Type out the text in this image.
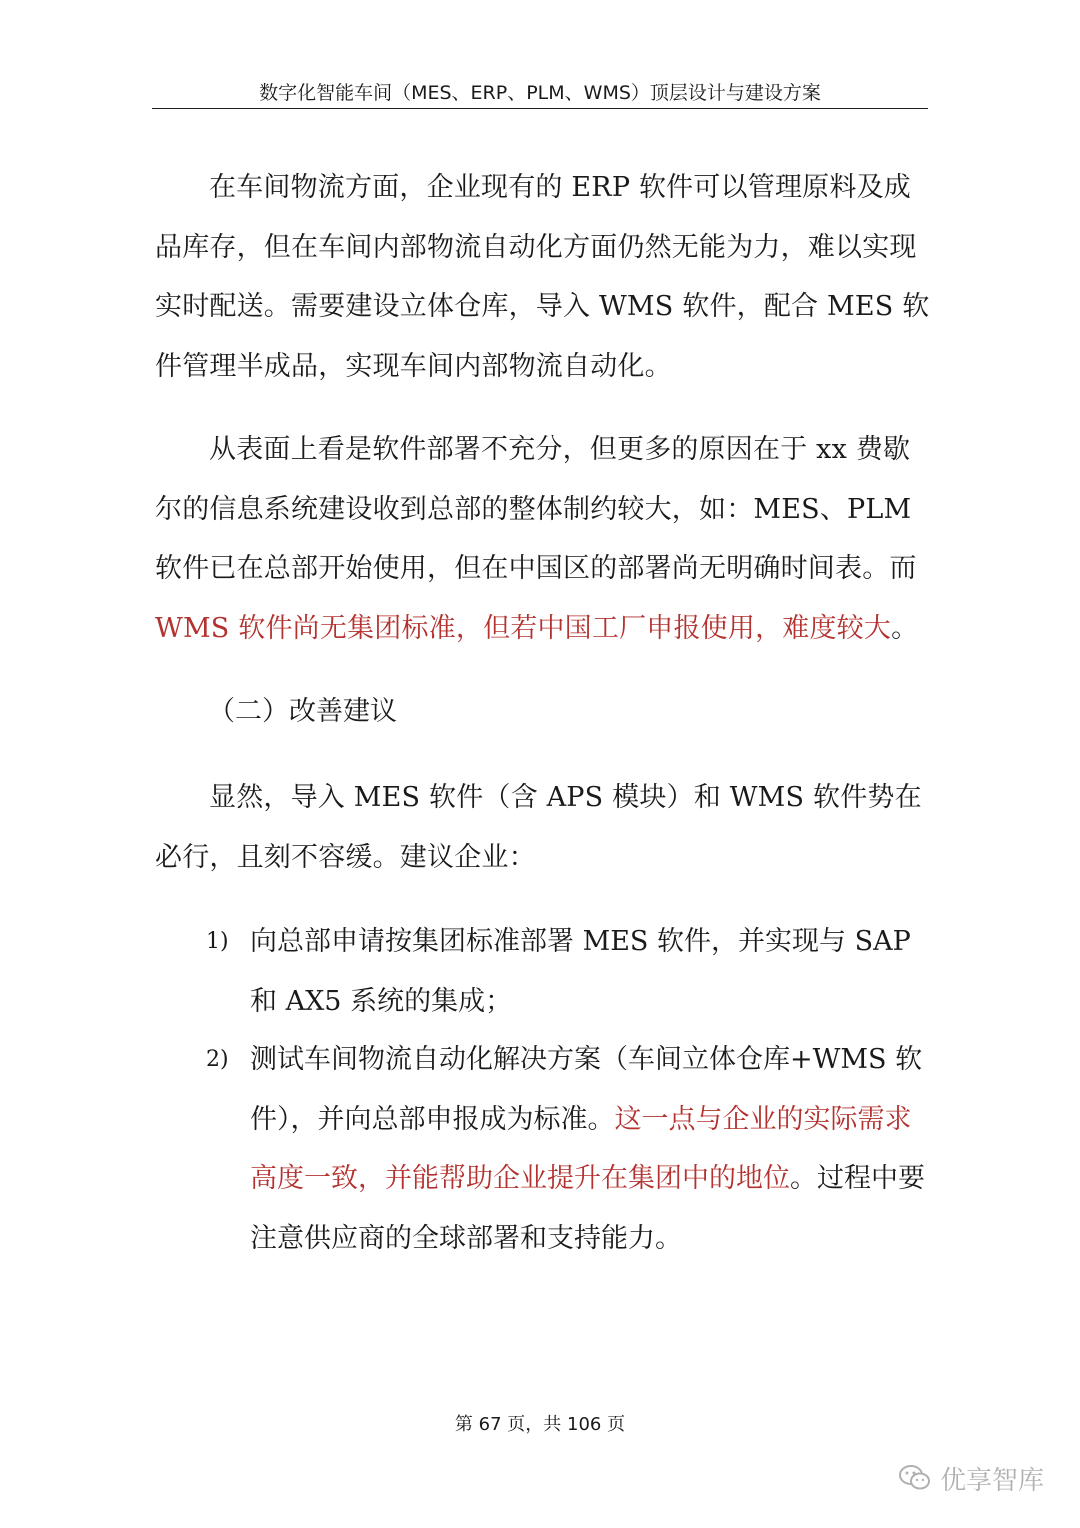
数字化智能车间（MES、ERP、PLM、WMS）顶层设计与建设方案

在车间物流方面，企业现有的 ERP 软件可以管理原料及成品库存，但在车间内部物流自动化方面仍然无能为力，难以实现实时配送。需要建设立体仓库，导入 WMS 软件，配合 MES 软件管理半成品，实现车间内部物流自动化。

从表面上看是软件部署不充分，但更多的原因在于 xx 费歇尔的信息系统建设收到总部的整体制约较大，如：MES、PLM 软件已在总部开始使用，但在中国区的部署尚无明确时间表。而 WMS 软件尚无集团标准，但若中国工厂申报使用，难度较大。

（二）改善建议

显然，导入 MES 软件（含 APS 模块）和 WMS 软件势在必行，且刻不容缓。建议企业：

1) 向总部申请按集团标准部署 MES 软件，并实现与 SAP 和 AX5 系统的集成；
2) 测试车间物流自动化解决方案（车间立体仓库+WMS 软件），并向总部申报成为标准。这一点与企业的实际需求高度一致，并能帮助企业提升在集团中的地位。过程中要注意供应商的全球部署和支持能力。
第 67 页，共 106 页
优享智库
